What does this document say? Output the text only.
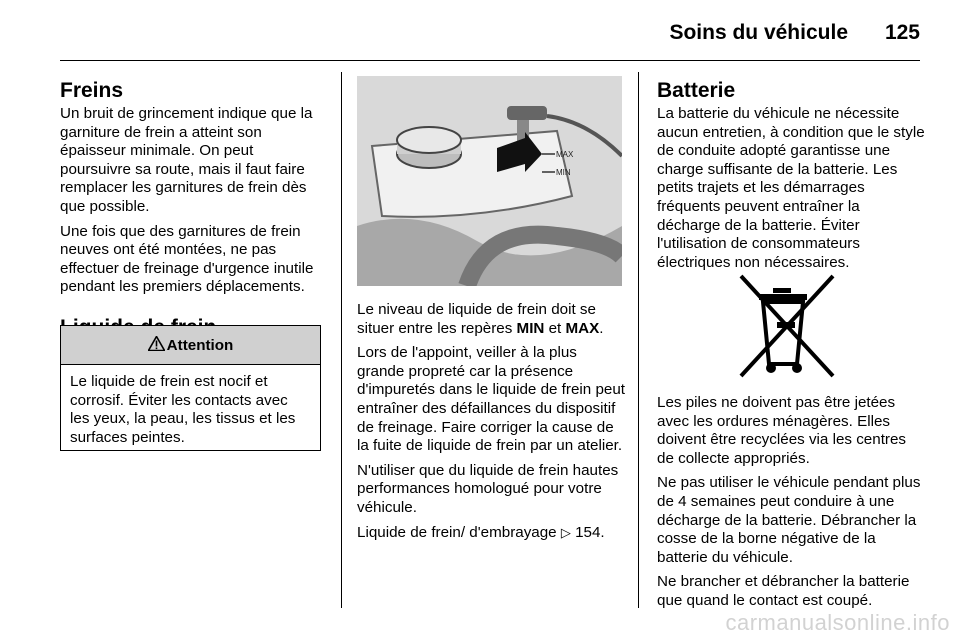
Soins du véhicule 125
Freins

Un bruit de grincement indique que la garniture de frein a atteint son épaisseur minimale. On peut poursuivre sa route, mais il faut faire remplacer les garnitures de frein dès que possible.

Une fois que des garnitures de frein neuves ont été montées, ne pas effectuer de freinage d'urgence inutile pendant les premiers déplacements.

Attention
Le liquide de frein est nocif et corrosif. Éviter les contacts avec les yeux, la peau, les tissus et les surfaces peintes.
MAX
MIN

Le niveau de liquide de frein doit se situer entre les repères MIN et MAX.

Lors de l'appoint, veiller à la plus grande propreté car la présence d'impuretés dans le liquide de frein peut entraîner des défaillances du dispositif de freinage. Faire corriger la cause de la fuite de liquide de frein par un atelier.

N'utiliser que du liquide de frein hautes performances homologué pour votre véhicule.

Liquide de frein/ d'embrayage ▷ 154.

Batterie

La batterie du véhicule ne nécessite aucun entretien, à condition que le style de conduite adopté garantisse une charge suffisante de la batterie. Les petits trajets et les démarrages fréquents peuvent entraîner la décharge de la batterie. Éviter l'utilisation de consommateurs électriques non nécessaires.

Les piles ne doivent pas être jetées avec les ordures ménagères. Elles doivent être recyclées via les centres de collecte appropriés.

Ne pas utiliser le véhicule pendant plus de 4 semaines peut conduire à une décharge de la batterie. Débrancher la cosse de la borne négative de la batterie du véhicule.

Ne brancher et débrancher la batterie que quand le contact est coupé.

carmanualsonline.info
